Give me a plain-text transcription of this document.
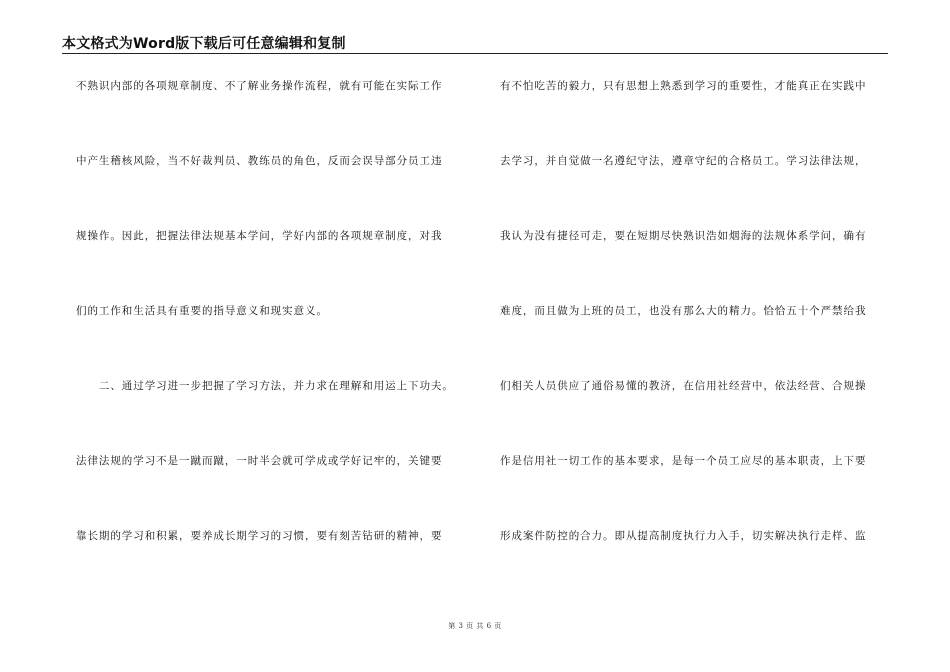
本文格式为Word版下载后可任意编辑和复制
不熟识内部的各项规章制度、不了解业务操作流程，就有可能在实际工作
中产生稽核风险，当不好裁判员、教练员的角色，反而会误导部分员工违
规操作。因此，把握法律法规基本学问，学好内部的各项规章制度，对我
们的工作和生活具有重要的指导意义和现实意义。
　　二、通过学习进一步把握了学习方法，并力求在理解和用运上下功夫。
法律法规的学习不是一蹴而蹴，一时半会就可学成或学好记牢的，关键要
靠长期的学习和积累，要养成长期学习的习惯，要有刻苦钻研的精神，要
有不怕吃苦的毅力，只有思想上熟悉到学习的重要性，才能真正在实践中
去学习，并自觉做一名遵纪守法，遵章守纪的合格员工。学习法律法规，
我认为没有捷径可走，要在短期尽快熟识浩如烟海的法规体系学问，确有
难度，而且做为上班的员工，也没有那么大的精力。恰恰五十个严禁给我
们相关人员供应了通俗易懂的教济，在信用社经营中，依法经营、合规操
作是信用社一切工作的基本要求，是每一个员工应尽的基本职责，上下要
形成案件防控的合力。即从提高制度执行力入手，切实解决执行走样、监
第 3 页 共 6 页
